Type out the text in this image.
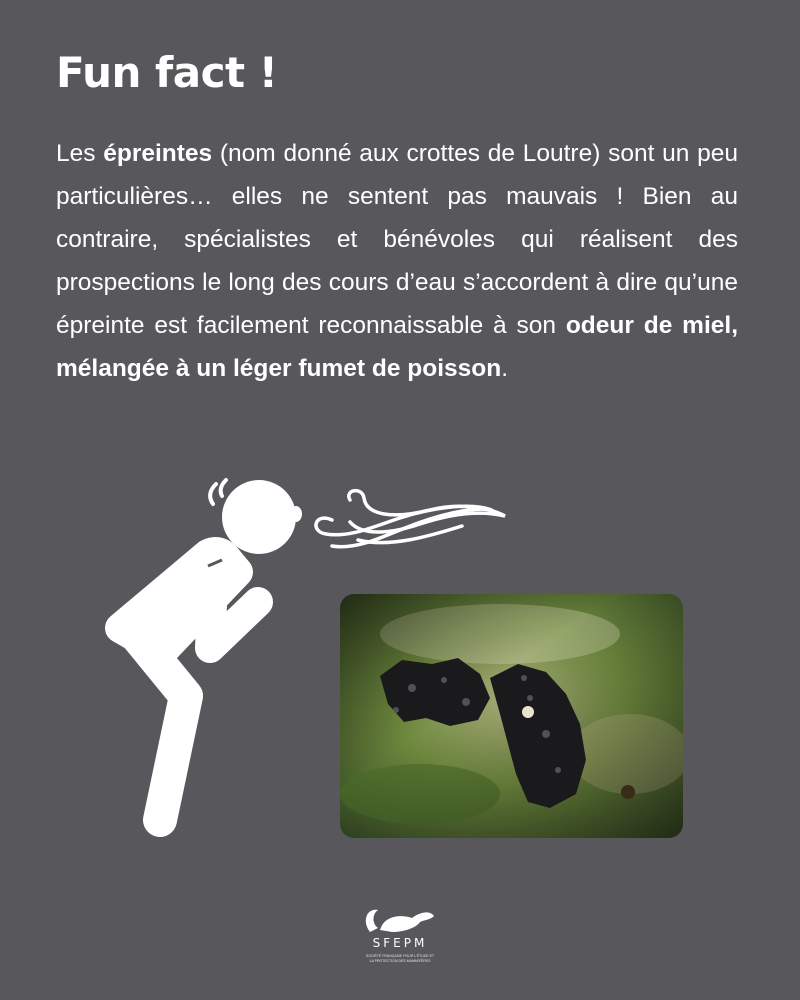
Fun fact !

Les épreintes (nom donné aux crottes de Loutre) sont un peu particulières… elles ne sentent pas mauvais ! Bien au contraire, spécialistes et bénévoles qui réalisent des prospections le long des cours d’eau s’accordent à dire qu’une épreinte est facilement reconnaissable à son odeur de miel, mélangée à un léger fumet de poisson.

SFEPM
SOCIÉTÉ FRANÇAISE POUR L’ÉTUDE ET LA PROTECTION DES MAMMIFÈRES
